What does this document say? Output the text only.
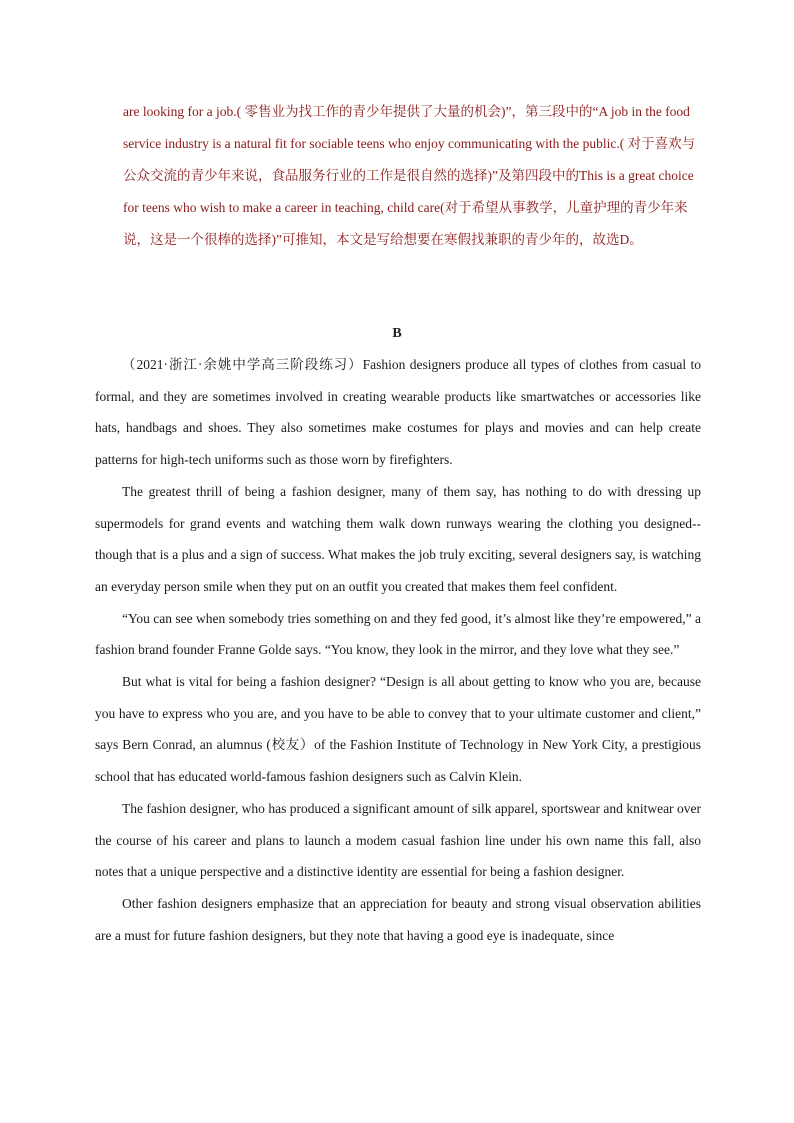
are looking for a job.( 零售业为找工作的青少年提供了大量的机会)”，第三段中的“A job in the food service industry is a natural fit for sociable teens who enjoy communicating with the public.( 对于喜欢与公众交流的青少年来说，食品服务行业的工作是很自然的选择)”及第四段中的This is a great choice for teens who wish to make a career in teaching, child care(对于希望从事教学，儿童护理的青少年来说，这是一个很棒的选择)”可推知，本文是写给想要在寒假找兼职的青少年的，故选D。

B

（2021·浙江·余姚中学高三阶段练习）Fashion designers produce all types of clothes from casual to formal, and they are sometimes involved in creating wearable products like smartwatches or accessories like hats, handbags and shoes. They also sometimes make costumes for plays and movies and can help create patterns for high-tech uniforms such as those worn by firefighters.

The greatest thrill of being a fashion designer, many of them say, has nothing to do with dressing up supermodels for grand events and watching them walk down runways wearing the clothing you designed--though that is a plus and a sign of success. What makes the job truly exciting, several designers say, is watching an everyday person smile when they put on an outfit you created that makes them feel confident.

“You can see when somebody tries something on and they fed good, it’s almost like they’re empowered,” a fashion brand founder Franne Golde says. “You know, they look in the mirror, and they love what they see.”

But what is vital for being a fashion designer? “Design is all about getting to know who you are, because you have to express who you are, and you have to be able to convey that to your ultimate customer and client,” says Bern Conrad, an alumnus (校友）of the Fashion Institute of Technology in New York City, a prestigious school that has educated world-famous fashion designers such as Calvin Klein.

The fashion designer, who has produced a significant amount of silk apparel, sportswear and knitwear over the course of his career and plans to launch a modem casual fashion line under his own name this fall, also notes that a unique perspective and a distinctive identity are essential for being a fashion designer.

Other fashion designers emphasize that an appreciation for beauty and strong visual observation abilities are a must for future fashion designers, but they note that having a good eye is inadequate, since
